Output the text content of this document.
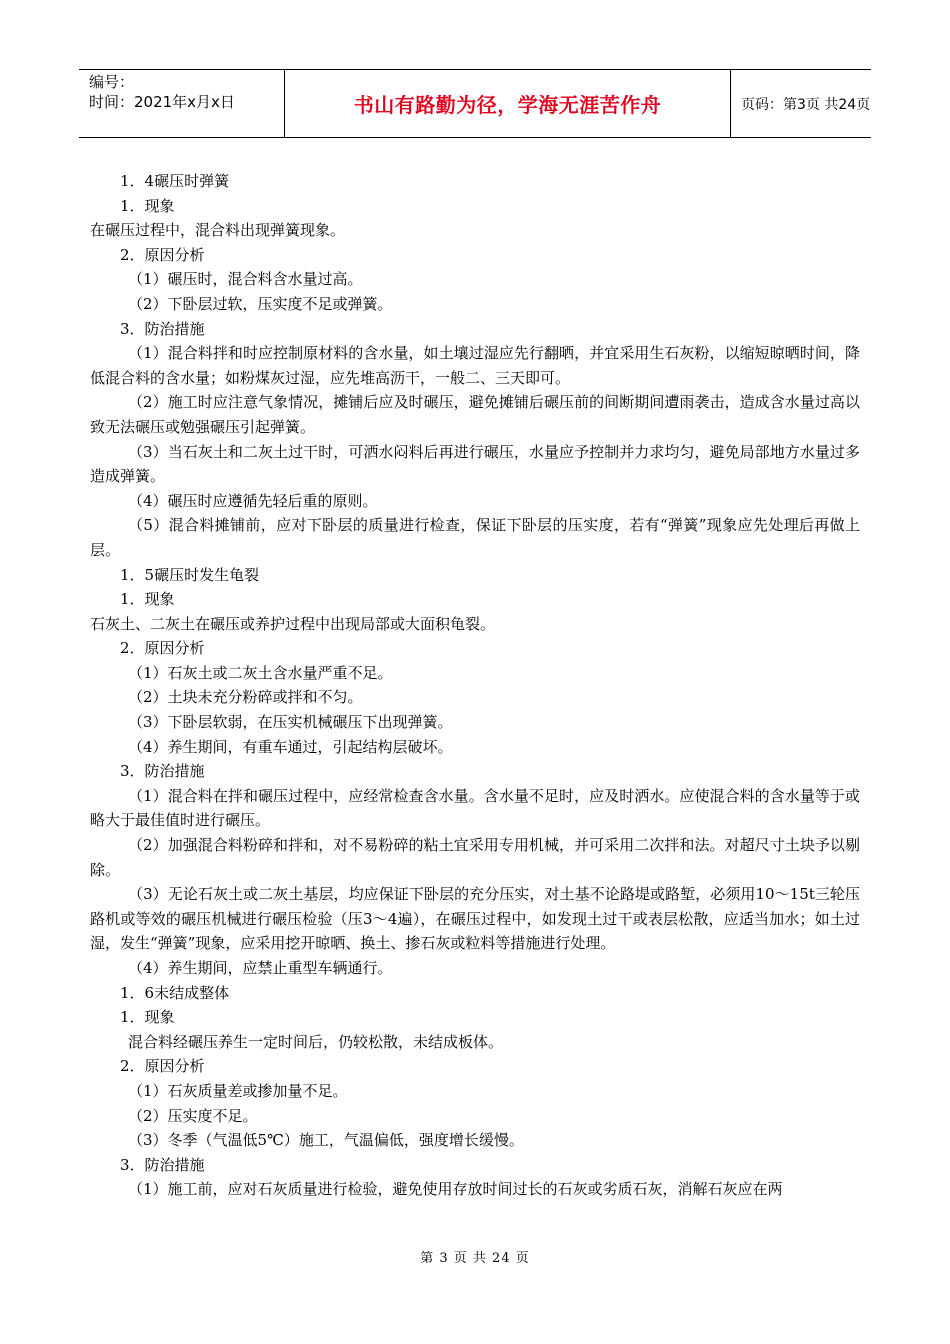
编号：
时间：2021年x月x日	书山有路勤为径，学海无涯苦作舟	页码：第3页 共24页

1．4碾压时弹簧

1．现象

在碾压过程中，混合料出现弹簧现象。

2．原因分析

（1）碾压时，混合料含水量过高。

（2）下卧层过软，压实度不足或弹簧。

3．防治措施

（1）混合料拌和时应控制原材料的含水量，如土壤过湿应先行翻晒，并宜采用生石灰粉，以缩短晾晒时间，降低混合料的含水量；如粉煤灰过湿，应先堆高沥干，一般二、三天即可。

（2）施工时应注意气象情况，摊铺后应及时碾压，避免摊铺后碾压前的间断期间遭雨袭击，造成含水量过高以致无法碾压或勉强碾压引起弹簧。

（3）当石灰土和二灰土过干时，可洒水闷料后再进行碾压，水量应予控制并力求均匀，避免局部地方水量过多造成弹簧。

（4）碾压时应遵循先轻后重的原则。

（5）混合料摊铺前，应对下卧层的质量进行检查，保证下卧层的压实度，若有“弹簧”现象应先处理后再做上层。

1．5碾压时发生龟裂

1．现象

石灰土、二灰土在碾压或养护过程中出现局部或大面积龟裂。

2．原因分析

（1）石灰土或二灰土含水量严重不足。

（2）土块未充分粉碎或拌和不匀。

（3）下卧层软弱，在压实机械碾压下出现弹簧。

（4）养生期间，有重车通过，引起结构层破坏。

3．防治措施

（1）混合料在拌和碾压过程中，应经常检查含水量。含水量不足时，应及时洒水。应使混合料的含水量等于或略大于最佳值时进行碾压。

（2）加强混合料粉碎和拌和，对不易粉碎的粘土宜采用专用机械，并可采用二次拌和法。对超尺寸土块予以剔除。

（3）无论石灰土或二灰土基层，均应保证下卧层的充分压实，对土基不论路堤或路堑，必须用10～15t三轮压路机或等效的碾压机械进行碾压检验（压3～4遍），在碾压过程中，如发现土过干或表层松散，应适当加水；如土过湿，发生“弹簧”现象，应采用挖开晾晒、换土、掺石灰或粒料等措施进行处理。

（4）养生期间，应禁止重型车辆通行。

1．6未结成整体

1．现象

混合料经碾压养生一定时间后，仍较松散，未结成板体。

2．原因分析

（1）石灰质量差或掺加量不足。

（2）压实度不足。

（3）冬季（气温低5℃）施工，气温偏低，强度增长缓慢。

3．防治措施

（1）施工前，应对石灰质量进行检验，避免使用存放时间过长的石灰或劣质石灰，消解石灰应在两

第 3 页 共 24 页
